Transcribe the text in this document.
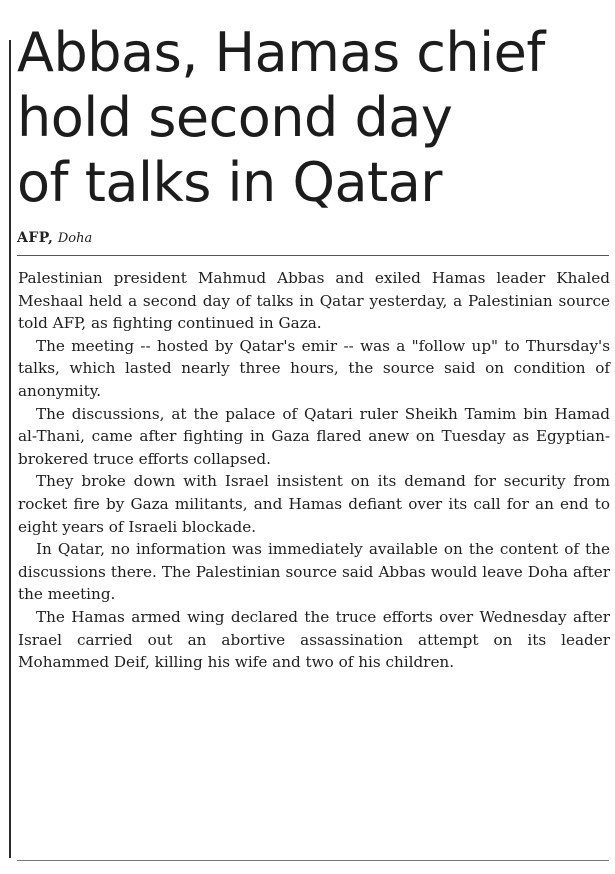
Abbas, Hamas chief
hold second day
of talks in Qatar
AFP, Doha

Palestinian president Mahmud Abbas and exiled Hamas leader Khaled Meshaal held a second day of talks in Qatar yesterday, a Palestinian source told AFP, as fighting continued in Gaza.

The meeting -- hosted by Qatar's emir -- was a "follow up" to Thursday's talks, which lasted nearly three hours, the source said on condition of anonymity.

The discussions, at the palace of Qatari ruler Sheikh Tamim bin Hamad al-Thani, came after fighting in Gaza flared anew on Tuesday as Egyptian-brokered truce efforts collapsed.

They broke down with Israel insistent on its demand for security from rocket fire by Gaza militants, and Hamas defiant over its call for an end to eight years of Israeli blockade.

In Qatar, no information was immediately available on the content of the discussions there. The Palestinian source said Abbas would leave Doha after the meeting.

The Hamas armed wing declared the truce efforts over Wednesday after Israel carried out an abortive assassination attempt on its leader Mohammed Deif, killing his wife and two of his children.
